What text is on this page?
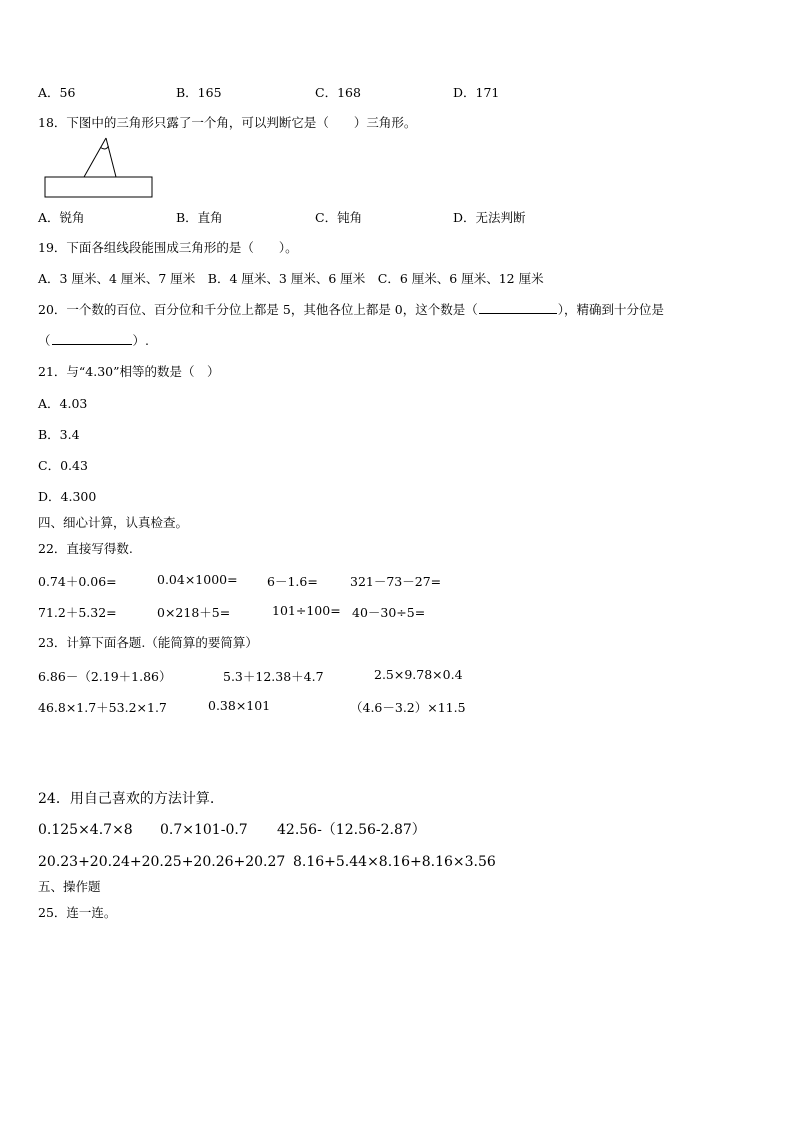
A．56	B．165	C．168	D．171
18．下图中的三角形只露了一个角，可以判断它是（　　）三角形。
A．锐角	B．直角	C．钝角	D．无法判断
19．下面各组线段能围成三角形的是（　　）。
A．3 厘米、4 厘米、7 厘米　B．4 厘米、3 厘米、6 厘米　C．6 厘米、6 厘米、12 厘米
20．一个数的百位、百分位和千分位上都是 5，其他各位上都是 0，这个数是（	），精确到十分位是
（	）.
21．与“4.30”相等的数是（　）
A．4.03
B．3.4
C．0.43
D．4.300
四、细心计算，认真检查。
22．直接写得数.
0.74＋0.06=	0.04×1000= 6－1.6=	321－73－27=
71.2＋5.32=	0×218＋5=	101÷100= 40－30÷5=
23．计算下面各题.（能简算的要简算）
6.86－（2.19＋1.86）	5.3＋12.38＋4.7	2.5×9.78×0.4
46.8×1.7＋53.2×1.7	0.38×101	（4.6－3.2）×11.5
24．用自己喜欢的方法计算.
0.125×4.7×8 0.7×101-0.7 42.56-（12.56-2.87）
20.23+20.24+20.25+20.26+20.27 8.16+5.44×8.16+8.16×3.56
五、操作题
25．连一连。
